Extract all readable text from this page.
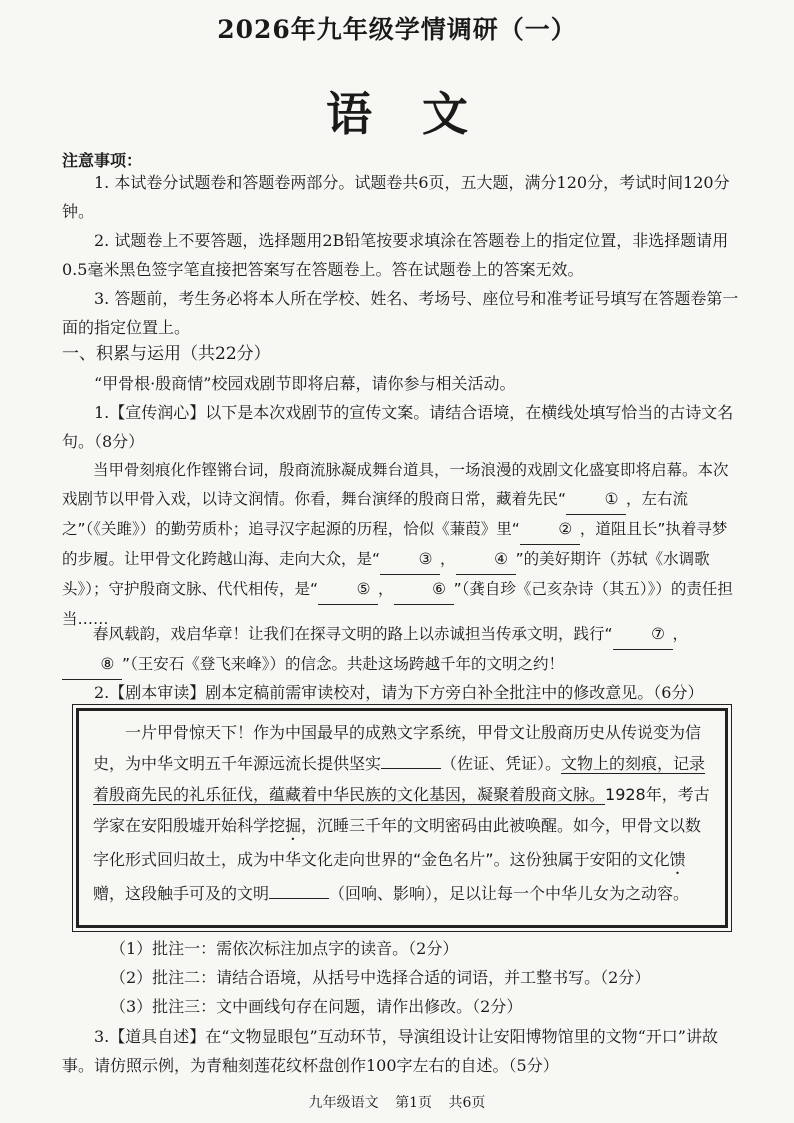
2026年九年级学情调研（一）
语文
注意事项：
1. 本试卷分试题卷和答题卷两部分。试题卷共6页，五大题，满分120分，考试时间120分钟。
2. 试题卷上不要答题，选择题用2B铅笔按要求填涂在答题卷上的指定位置，非选择题请用0.5毫米黑色签字笔直接把答案写在答题卷上。答在试题卷上的答案无效。
3. 答题前，考生务必将本人所在学校、姓名、考场号、座位号和准考证号填写在答题卷第一面的指定位置上。
一、积累与运用（共22分）
“甲骨根·殷商情”校园戏剧节即将启幕，请你参与相关活动。
1.【宣传润心】以下是本次戏剧节的宣传文案。请结合语境，在横线处填写恰当的古诗文名句。（8分）
当甲骨刻痕化作铿锵台词，殷商流脉凝成舞台道具，一场浪漫的戏剧文化盛宴即将启幕。本次戏剧节以甲骨入戏，以诗文润情。你看，舞台演绎的殷商日常，藏着先民“ ① ，左右流之”（《关雎》）的勤劳质朴；追寻汉字起源的历程，恰似《蒹葭》里“ ② ，道阻且长”执着寻梦的步履。让甲骨文化跨越山海、走向大众，是“ ③ ， ④ ”的美好期许（苏轼《水调歌头》）；守护殷商文脉、代代相传，是“ ⑤ ， ⑥ ”（龚自珍《己亥杂诗（其五）》）的责任担当……
春风载韵，戏启华章！让我们在探寻文明的路上以赤诚担当传承文明，践行“ ⑦ ，⑧ ”（王安石《登飞来峰》）的信念。共赴这场跨越千年的文明之约！
2.【剧本审读】剧本定稿前需审读校对，请为下方旁白补全批注中的修改意见。（6分）
一片甲骨惊天下！作为中国最早的成熟文字系统，甲骨文让殷商历史从传说变为信史，为中华文明五千年源远流长提供坚实	（佐证、凭证）。文物上的刻痕，记录着殷商先民的礼乐征伐，蕴藏着中华民族的文化基因，凝聚着殷商文脉。1928年，考古学家在安阳殷墟开始科学挖掘，沉睡三千年的文明密码由此被唤醒。如今，甲骨文以数字化形式回归故土，成为中华文化走向世界的“金色名片”。这份独属于安阳的文化馈赠，这段触手可及的文明	（回响、影响），足以让每一个中华儿女为之动容。
（1）批注一：需依次标注加点字的读音。（2分）
（2）批注二：请结合语境，从括号中选择合适的词语，并工整书写。（2分）
（3）批注三：文中画线句存在问题，请作出修改。（2分）
3.【道具自述】在“文物显眼包”互动环节，导演组设计让安阳博物馆里的文物“开口”讲故事。请仿照示例，为青釉刻莲花纹杯盘创作100字左右的自述。（5分）
九年级语文 第1页 共6页
